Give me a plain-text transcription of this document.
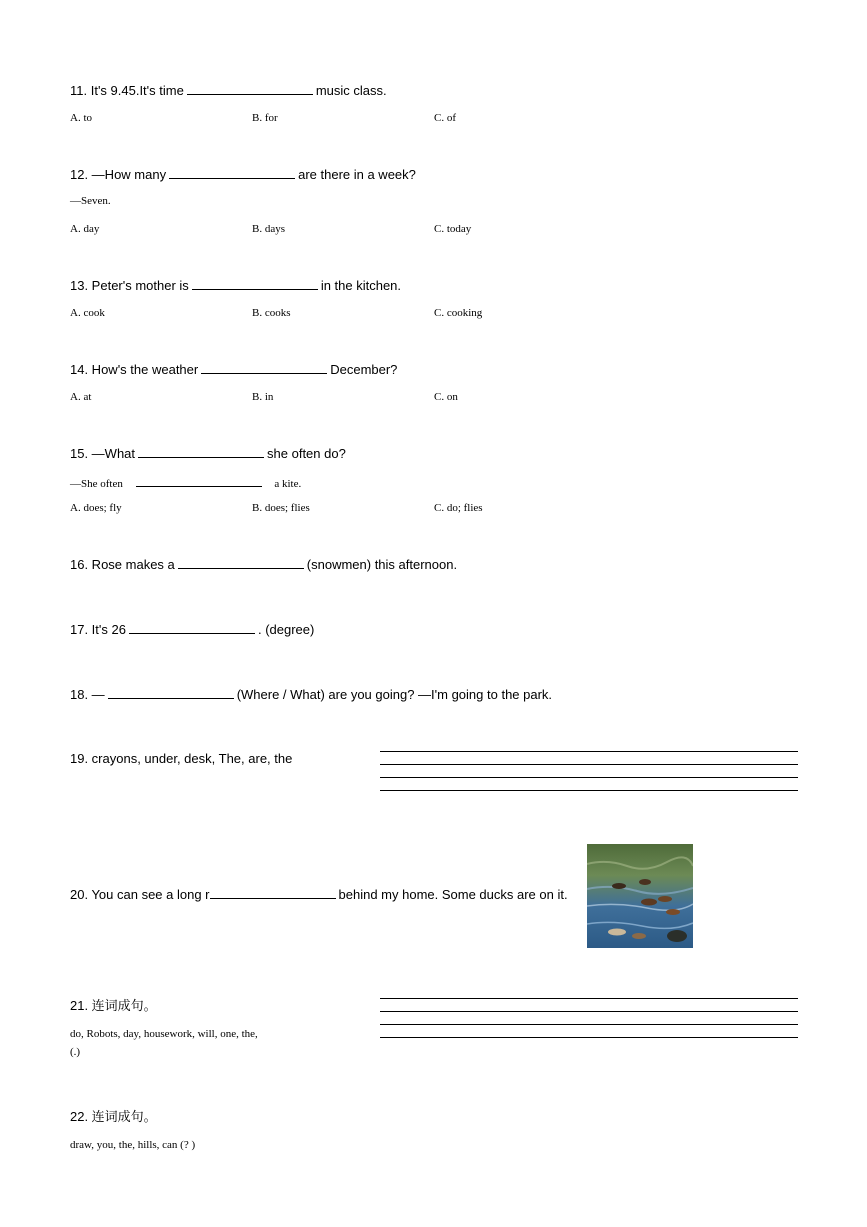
11. It's 9.45.It's time	music class.
A. to	B. for	C. of
12. —How many	are there in a week?
—Seven.
A. day	B. days	C. today
13. Peter's mother is	in the kitchen.
A. cook	B. cooks	C. cooking
14. How's the weather	December?
A. at	B. in	C. on
15. —What	she often do?
—She often	a kite.
A. does; fly	B. does; flies	C. do; flies
16. Rose makes a	(snowmen) this afternoon.
17. It's 26	. (degree)
18. —	(Where / What) are you going? —I'm going to the park.
19. crayons, under, desk, The, are, the
20. You can see a long r	behind my home. Some ducks are on it.
21. 连词成句。
do, Robots, day, housework, will, one, the,
(.)
22. 连词成句。
draw, you, the, hills, can (? )
